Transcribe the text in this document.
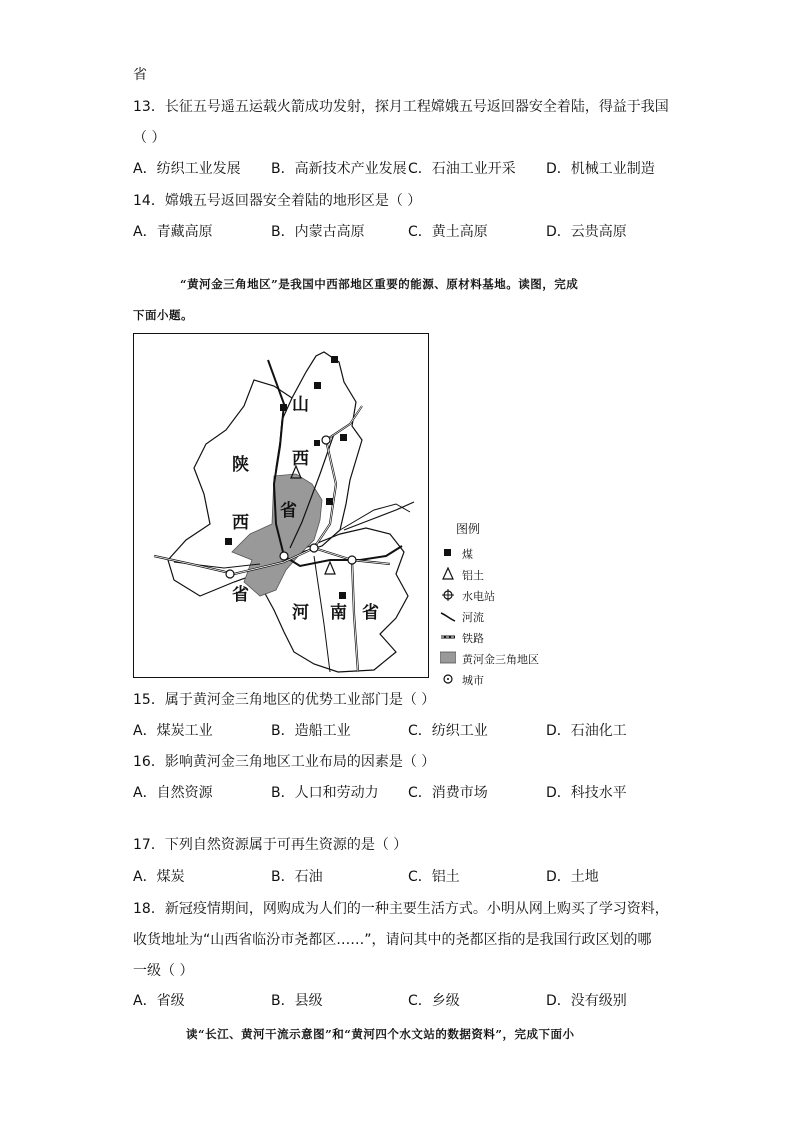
省
13．长征五号遥五运载火箭成功发射，探月工程嫦娥五号返回器安全着陆，得益于我国
（ ）
A．纺织工业发展 B．高新技术产业发展 C．石油工业开采 D．机械工业制造
14．嫦娥五号返回器安全着陆的地形区是（ ）
A．青藏高原	B．内蒙古高原	C．黄土高原	D．云贵高原
“黄河金三角地区”是我国中西部地区重要的能源、原材料基地。读图，完成
下面小题。
山
西
省
陕
西
省
河 南 省
图例
煤
铝土
水电站
河流
铁路
黄河金三角地区
城市
15．属于黄河金三角地区的优势工业部门是（ ）
A．煤炭工业	B．造船工业	C．纺织工业	D．石油化工
16．影响黄河金三角地区工业布局的因素是（ ）
A．自然资源	B．人口和劳动力 C．消费市场	D．科技水平
17．下列自然资源属于可再生资源的是（ ）
A．煤炭	B．石油	C．铝土	D．土地
18．新冠疫情期间，网购成为人们的一种主要生活方式。小明从网上购买了学习资料，
收货地址为“山西省临汾市尧都区……”，请问其中的尧都区指的是我国行政区划的哪
一级（ ）
A．省级	B．县级	C．乡级	D．没有级别
读“长江、黄河干流示意图”和“黄河四个水文站的数据资料”，完成下面小
